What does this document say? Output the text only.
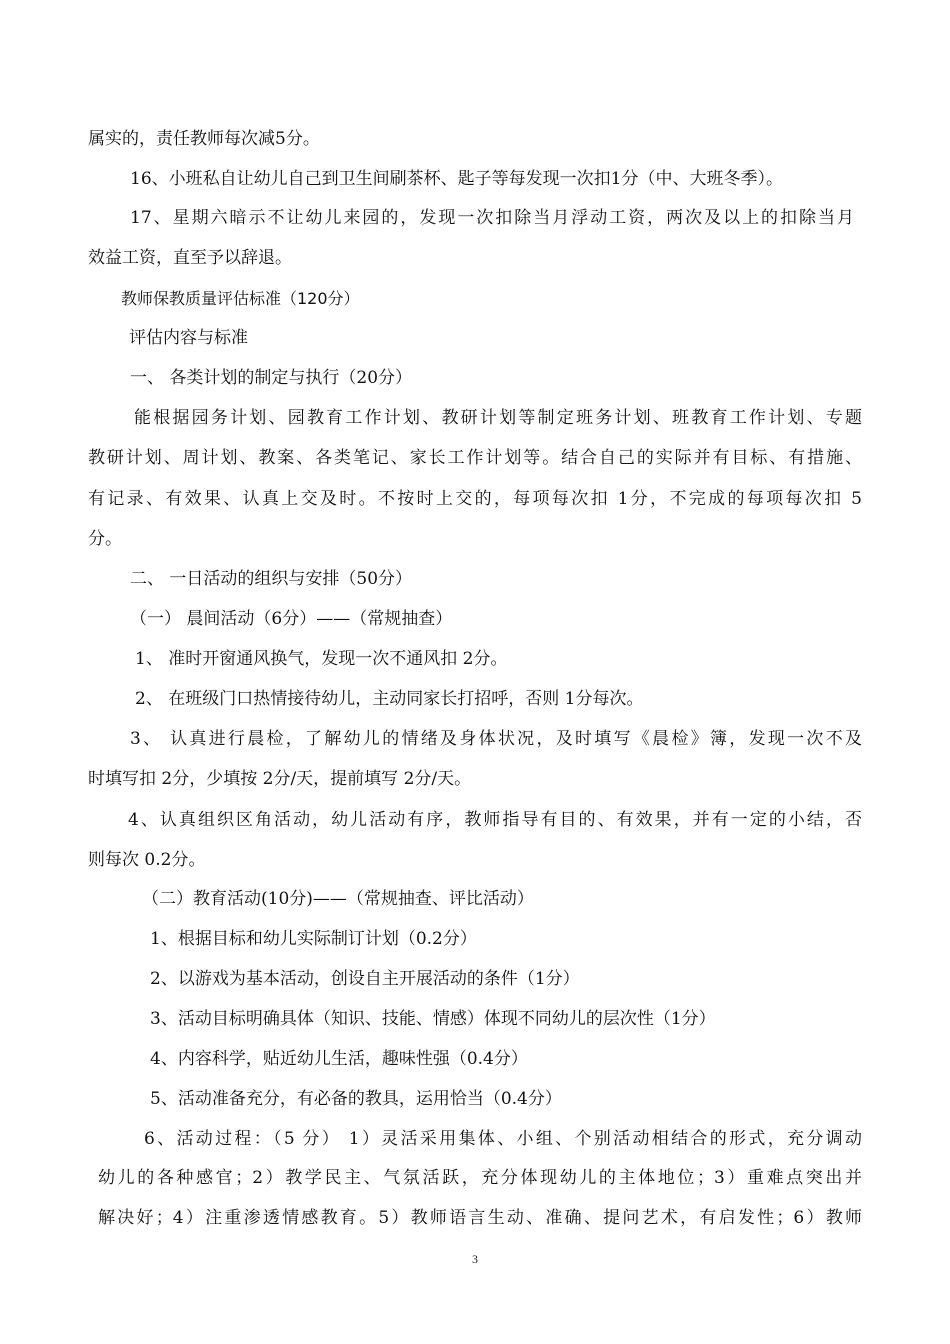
属实的，责任教师每次减5分。
16、小班私自让幼儿自己到卫生间刷茶杯、匙子等每发现一次扣1分（中、大班冬季）。
17、星期六暗示不让幼儿来园的，发现一次扣除当月浮动工资，两次及以上的扣除当月
效益工资，直至予以辞退。
教师保教质量评估标准（120分）
评估内容与标准
一、 各类计划的制定与执行（20分）
能根据园务计划、园教育工作计划、教研计划等制定班务计划、班教育工作计划、专题
教研计划、周计划、教案、各类笔记、家长工作计划等。结合自己的实际并有目标、有措施、
有记录、有效果、认真上交及时。不按时上交的，每项每次扣 1分，不完成的每项每次扣 5
分。
二、 一日活动的组织与安排（50分）
（一） 晨间活动（6分）——（常规抽查）
1、 准时开窗通风换气，发现一次不通风扣 2分。
2、 在班级门口热情接待幼儿，主动同家长打招呼，否则 1分每次。
3、 认真进行晨检，了解幼儿的情绪及身体状况，及时填写《晨检》簿，发现一次不及
时填写扣 2分，少填按 2分/天，提前填写 2分/天。
4、认真组织区角活动，幼儿活动有序，教师指导有目的、有效果，并有一定的小结，否
则每次 0.2分。
（二）教育活动(10分)——（常规抽查、评比活动）
1、根据目标和幼儿实际制订计划（0.2分）
2、以游戏为基本活动，创设自主开展活动的条件（1分）
3、活动目标明确具体（知识、技能、情感）体现不同幼儿的层次性（1分）
4、内容科学，贴近幼儿生活，趣味性强（0.4分）
5、活动准备充分，有必备的教具，运用恰当（0.4分）
6、活动过程：（5 分） 1）灵活采用集体、小组、个别活动相结合的形式，充分调动
幼儿的各种感官；2）教学民主、气氛活跃，充分体现幼儿的主体地位；3）重难点突出并
解决好；4）注重渗透情感教育。5）教师语言生动、准确、提问艺术，有启发性；6）教师
3
